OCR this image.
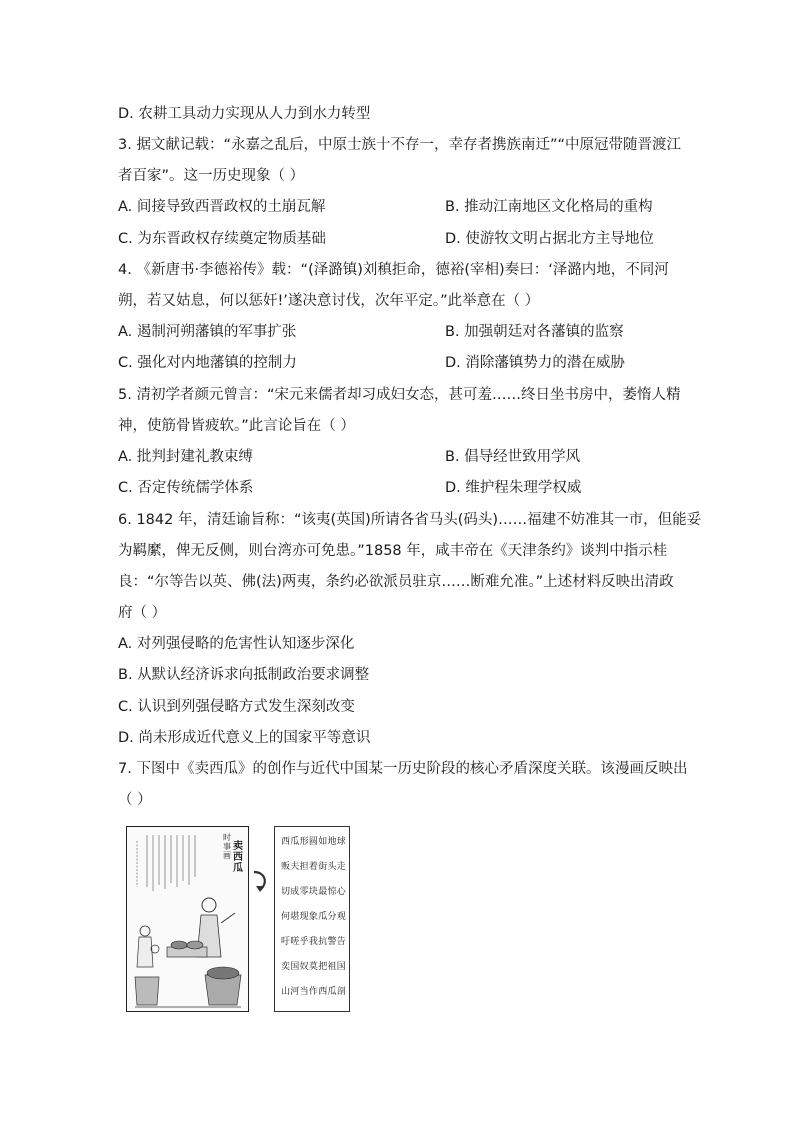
D. 农耕工具动力实现从人力到水力转型
3. 据文献记载：“永嘉之乱后，中原士族十不存一，幸存者携族南迁”“中原冠带随晋渡江
者百家”。这一历史现象（ ）
A. 间接导致西晋政权的土崩瓦解	B. 推动江南地区文化格局的重构
C. 为东晋政权存续奠定物质基础	D. 使游牧文明占据北方主导地位
4. 《新唐书·李德裕传》载：“(泽潞镇)刘稹拒命，德裕(宰相)奏曰：‘泽潞内地，不同河
朔，若又姑息，何以惩奸!’遂决意讨伐，次年平定。”此举意在（ ）
A. 遏制河朔藩镇的军事扩张	B. 加强朝廷对各藩镇的监察
C. 强化对内地藩镇的控制力	D. 消除藩镇势力的潜在威胁
5. 清初学者颜元曾言：“宋元来儒者却习成妇女态，甚可羞……终日坐书房中，萎惰人精
神，使筋骨皆疲软。”此言论旨在（ ）
A. 批判封建礼教束缚	B. 倡导经世致用学风
C. 否定传统儒学体系	D. 维护程朱理学权威
6. 1842 年，清廷谕旨称：“该夷(英国)所请各省马头(码头)……福建不妨准其一市，但能妥
为羁縻，俾无反侧，则台湾亦可免患。”1858 年，咸丰帝在《天津条约》谈判中指示桂
良：“尔等告以英、佛(法)两夷，条约必欲派员驻京……断难允准。”上述材料反映出清政
府（ ）
A. 对列强侵略的危害性认知逐步深化
B. 从默认经济诉求向抵制政治要求调整
C. 认识到列强侵略方式发生深刻改变
D. 尚未形成近代意义上的国家平等意识
7. 下图中《卖西瓜》的创作与近代中国某一历史阶段的核心矛盾深度关联。该漫画反映出
（ ）
时事画
卖西瓜
西瓜形圆如地球
贩夫担着街头走
切成零块最惊心
何堪现象瓜分观
吁嗟乎我抗警告
奕国奴莫把祖国
山河当作西瓜剖
